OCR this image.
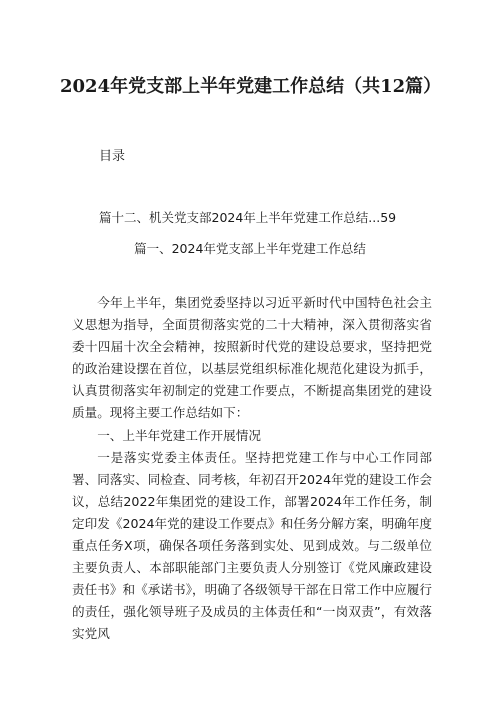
2024年党支部上半年党建工作总结（共12篇）
目录
篇十二、机关党支部2024年上半年党建工作总结...59
篇一、2024年党支部上半年党建工作总结

今年上半年，集团党委坚持以习近平新时代中国特色社会主义思想为指导，全面贯彻落实党的二十大精神，深入贯彻落实省委十四届十次全会精神，按照新时代党的建设总要求，坚持把党的政治建设摆在首位，以基层党组织标准化规范化建设为抓手，认真贯彻落实年初制定的党建工作要点，不断提高集团党的建设质量。现将主要工作总结如下：

一、上半年党建工作开展情况

一是落实党委主体责任。坚持把党建工作与中心工作同部署、同落实、同检查、同考核，年初召开2024年党的建设工作会议，总结2022年集团党的建设工作，部署2024年工作任务，制定印发《2024年党的建设工作要点》和任务分解方案，明确年度重点任务X项，确保各项任务落到实处、见到成效。与二级单位主要负责人、本部职能部门主要负责人分别签订《党风廉政建设责任书》和《承诺书》，明确了各级领导干部在日常工作中应履行的责任，强化领导班子及成员的主体责任和“一岗双责”，有效落实党风
